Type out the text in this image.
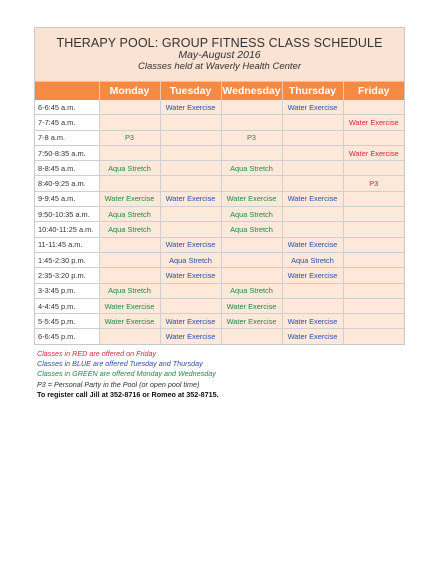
THERAPY POOL: GROUP FITNESS CLASS SCHEDULE
May-August 2016
Classes held at Waverly Health Center
	Monday	Tuesday	Wednesday	Thursday	Friday
6-6:45 a.m.		Water Exercise		Water Exercise	
7-7:45 a.m.					Water Exercise
7-8 a.m.	P3		P3		
7:50-8:35 a.m.					Water Exercise
8-8:45 a.m.	Aqua Stretch		Aqua Stretch		
8:40-9:25 a.m.					P3
9-9:45 a.m.	Water Exercise	Water Exercise	Water Exercise	Water Exercise	
9:50-10:35 a.m.	Aqua Stretch		Aqua Stretch		
10:40-11:25 a.m.	Aqua Stretch		Aqua Stretch		
11-11:45 a.m.		Water Exercise		Water Exercise	
1:45-2:30 p.m.		Aqua Stretch		Aqua Stretch	
2:35-3:20 p.m.		Water Exercise		Water Exercise	
3-3:45 p.m.	Aqua Stretch		Aqua Stretch		
4-4:45 p.m.	Water Exercise		Water Exercise		
5-5:45 p.m.	Water Exercise	Water Exercise	Water Exercise	Water Exercise	
6-6:45 p.m.		Water Exercise		Water Exercise	
Classes in RED are offered on Friday
Classes in BLUE are offered Tuesday and Thursday
Classes in GREEN are offered Monday and Wednesday
P3 = Personal Party in the Pool (or open pool time)
To register call Jill at 352-8716 or Romeo at 352-8715.
